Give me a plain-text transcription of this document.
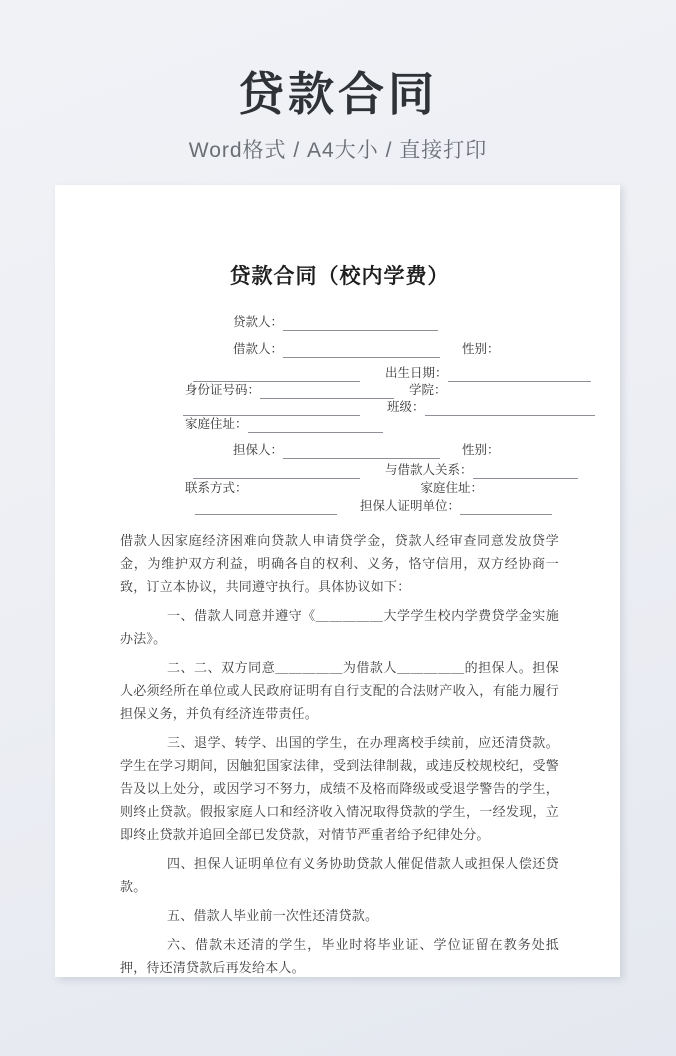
贷款合同
Word格式 / A4大小 / 直接打印
贷款合同（校内学费）
贷款人：
借款人：	性别：
出生日期：
身份证号码：	学院：
班级：
家庭住址：
担保人：	性别：
与借款人关系：
联系方式：	家庭住址：
担保人证明单位：

借款人因家庭经济困难向贷款人申请贷学金，贷款人经审查同意发放贷学金，为维护双方利益，明确各自的权利、义务，恪守信用，双方经协商一致，订立本协议，共同遵守执行。具体协议如下：

一、借款人同意并遵守《＿＿＿＿＿大学学生校内学费贷学金实施办法》。

二、二、双方同意＿＿＿＿＿为借款人＿＿＿＿＿的担保人。担保人必须经所在单位或人民政府证明有自行支配的合法财产收入，有能力履行担保义务，并负有经济连带责任。

三、退学、转学、出国的学生，在办理离校手续前，应还清贷款。学生在学习期间，因触犯国家法律，受到法律制裁，或违反校规校纪，受警告及以上处分，或因学习不努力，成绩不及格而降级或受退学警告的学生，则终止贷款。假报家庭人口和经济收入情况取得贷款的学生，一经发现，立即终止贷款并追回全部已发贷款，对情节严重者给予纪律处分。

四、担保人证明单位有义务协助贷款人催促借款人或担保人偿还贷款。

五、借款人毕业前一次性还清贷款。

六、借款未还清的学生，毕业时将毕业证、学位证留在教务处抵押，待还清贷款后再发给本人。
